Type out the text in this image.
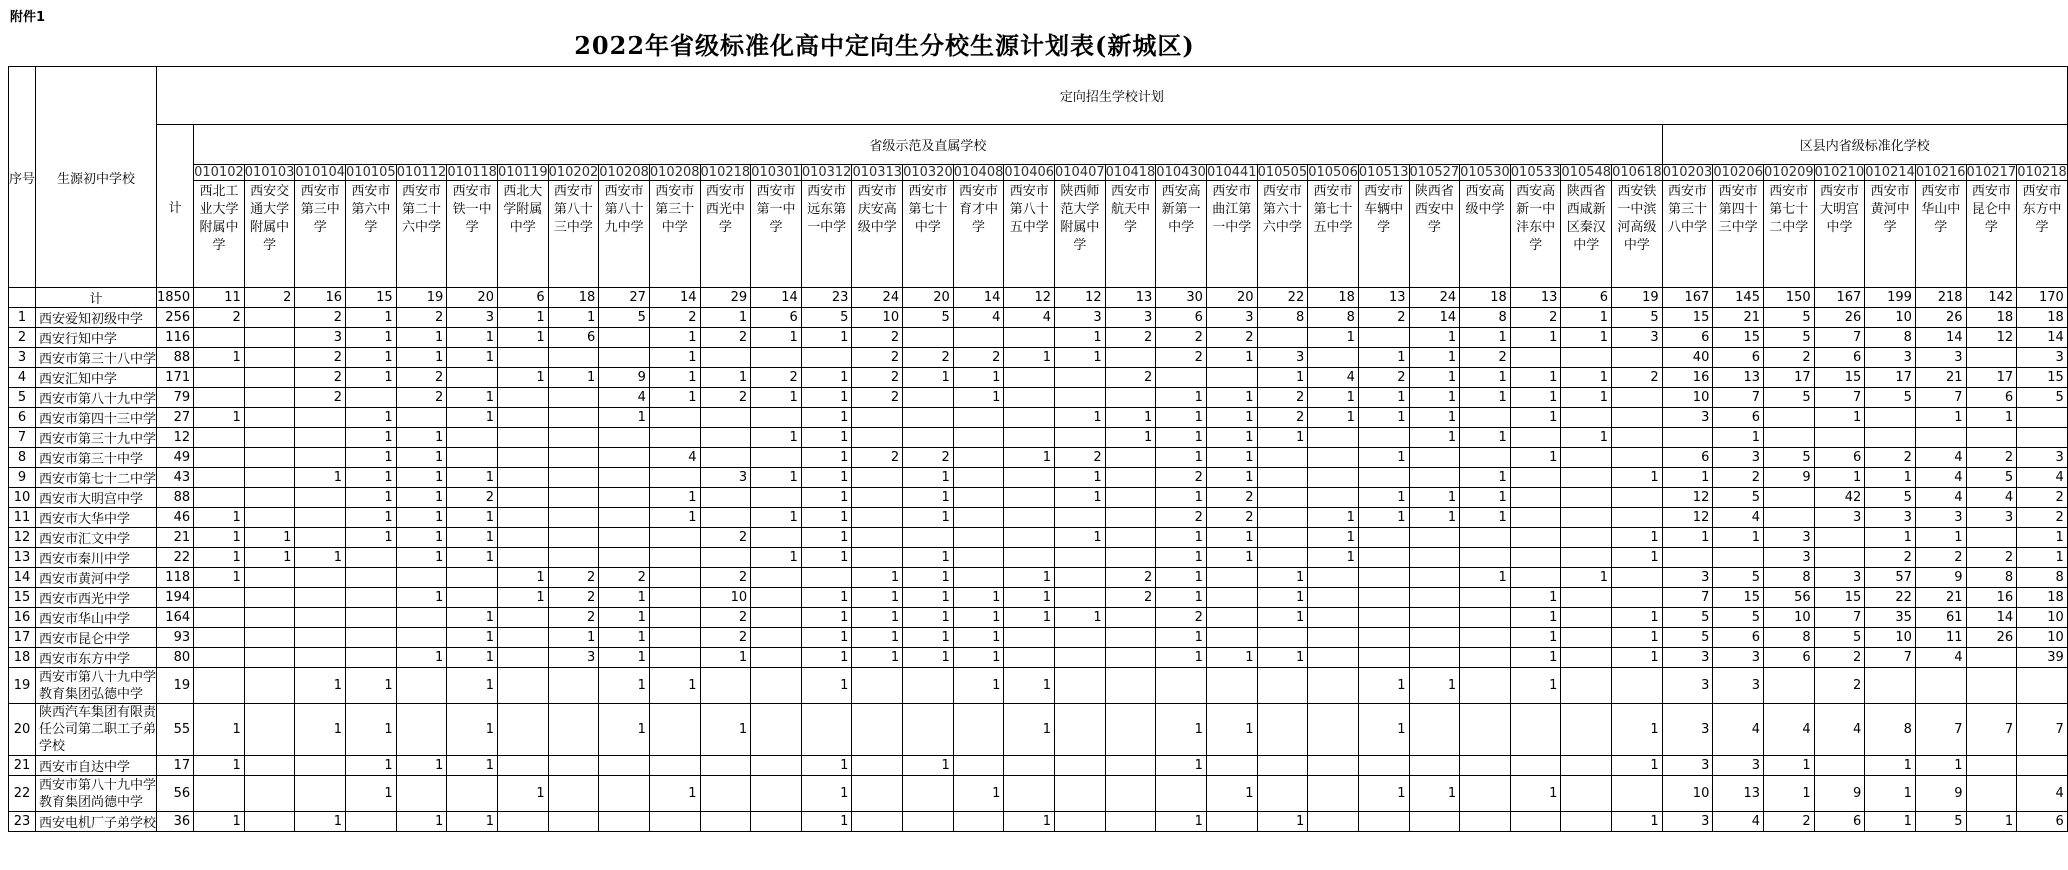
附件1
2022年省级标准化高中定向生分校生源计划表(新城区)
序号	生源初中学校	定向招生学校计划																																					
		计	省级示范及直属学校																													区县内省级标准化学校							
			010102	010103	010104	010105	010112	010118	010119	010202	010208	010208	010218	010301	010312	010313	010320	010408	010406	010407	010418	010430	010441	010505	010506	010513	010527	010530	010533	010548	010618	010203	010206	010209	010210	010214	010216	010217	010218
			西北工业大学附属中学	西安交通大学附属中学	西安市第三中学	西安市第六中学	西安市第二十六中学	西安市铁一中学	西北大学附属中学	西安市第八十三中学	西安市第八十九中学	西安市第三十中学	西安市西光中学	西安市第一中学	西安市远东第一中学	西安市庆安高级中学	西安市第七十中学	西安市育才中学	西安市第八十五中学	陕西师范大学附属中学	西安市航天中学	西安高新第一中学	西安市曲江第一中学	西安市第六十六中学	西安市第七十五中学	西安市车辆中学	陕西省西安中学	西安高级中学	西安高新一中沣东中学	陕西省西咸新区秦汉中学	西安铁一中滨河高级中学	西安市第三十八中学	西安市第四十三中学	西安市第七十二中学	西安市大明宫中学	西安市黄河中学	西安市华山中学	西安市昆仑中学	西安市东方中学
	计	1850	11	2	16	15	19	20	6	18	27	14	29	14	23	24	20	14	12	12	13	30	20	22	18	13	24	18	13	6	19	167	145	150	167	199	218	142	170
1	西安爱知初级中学	256	2		2	1	2	3	1	1	5	2	1	6	5	10	5	4	4	3	3	6	3	8	8	2	14	8	2	1	5	15	21	5	26	10	26	18	18
2	西安行知中学	116			3	1	1	1	1	6		1	2	1	1	2				1	2	2	2		1		1	1	1	1	3	6	15	5	7	8	14	12	14
3	西安市第三十八中学	88	1		2	1	1	1				1				2	2	2	1	1		2	1	3		1	1	2				40	6	2	6	3	3		3
4	西安汇知中学	171			2	1	2		1	1	9	1	1	2	1	2	1	1			2			1	4	2	1	1	1	1	2	16	13	17	15	17	21	17	15
5	西安市第八十九中学	79			2		2	1			4	1	2	1	1	2		1				1	1	2	1	1	1	1	1	1		10	7	5	7	5	7	6	5
6	西安市第四十三中学	27	1			1		1			1				1					1	1	1	1	2	1	1	1		1			3	6		1		1	1	
7	西安市第三十九中学	12				1	1							1	1						1	1	1	1			1	1		1			1						
8	西安市第三十中学	49				1	1					4			1	2	2		1	2		1	1			1			1			6	3	5	6	2	4	2	3
9	西安市第七十二中学	43			1	1	1	1					3	1	1		1			1		2	1					1			1	1	2	9	1	1	4	5	4
10	西安市大明宫中学	88				1	1	2				1			1		1			1		1	2			1	1	1				12	5		42	5	4	4	2
11	西安市大华中学	46	1			1	1	1				1		1	1		1					2	2		1	1	1	1				12	4		3	3	3	3	2
12	西安市汇文中学	21	1	1		1	1	1					2		1					1		1	1		1						1	1	1	3		1	1		1
13	西安市秦川中学	22	1	1	1		1	1						1	1		1					1	1		1						1			3		2	2	2	1
14	西安市黄河中学	118	1						1	2	2		2			1	1		1		2	1		1				1		1		3	5	8	3	57	9	8	8
15	西安市西光中学	194					1		1	2	1		10		1	1	1	1	1		2	1		1					1			7	15	56	15	22	21	16	18
16	西安市华山中学	164						1		2	1		2		1	1	1	1	1	1		2		1					1		1	5	5	10	7	35	61	14	10
17	西安市昆仑中学	93						1		1	1		2		1	1	1	1				1							1		1	5	6	8	5	10	11	26	10
18	西安市东方中学	80					1	1		3	1		1		1	1	1	1				1	1	1					1		1	3	3	6	2	7	4		39
19	西安市第八十九中学教育集团弘德中学	19			1	1		1			1	1			1			1	1							1	1		1			3	3		2				
20	陕西汽车集团有限责任公司第二职工子弟学校	55	1		1	1		1			1		1						1			1	1			1					1	3	4	4	4	8	7	7	7
21	西安市自达中学	17	1			1	1	1							1		1					1									1	3	3	1		1	1		
22	西安市第八十九中学教育集团尚德中学	56				1			1			1			1			1					1			1	1		1			10	13	1	9	1	9		4
23	西安电机厂子弟学校	36	1		1		1	1							1				1			1		1							1	3	4	2	6	1	5	1	6
